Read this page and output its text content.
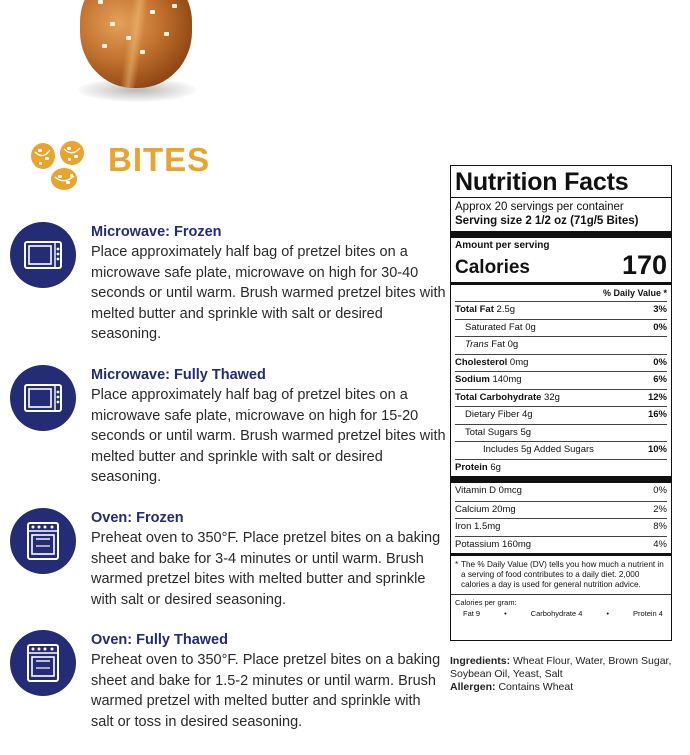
BITES
Microwave: Frozen
Place approximately half bag of pretzel bites on a microwave safe plate, microwave on high for 30-40 seconds or until warm. Brush warmed pretzel bites with melted butter and sprinkle with salt or desired seasoning.
Microwave: Fully Thawed
Place approximately half bag of pretzel bites on a microwave safe plate, microwave on high for 15-20 seconds or until warm. Brush warmed pretzel bites with melted butter and sprinkle with salt or desired seasoning.
Oven: Frozen
Preheat oven to 350°F. Place pretzel bites on a baking sheet and bake for 3-4 minutes or until warm. Brush warmed pretzel bites with melted butter and sprinkle with salt or desired seasoning.
Oven: Fully Thawed
Preheat oven to 350°F. Place pretzel bites on a baking sheet and bake for 1.5-2 minutes or until warm. Brush warmed pretzel with melted butter and sprinkle with salt or toss in desired seasoning.
Nutrition Facts
Approx 20 servings per container
Serving size 2 1/2 oz (71g/5 Bites)
Amount per serving
Calories	170
% Daily Value *
Total Fat 2.5g	3%
Saturated Fat 0g	0%
Trans Fat 0g
Cholesterol 0mg	0%
Sodium 140mg	6%
Total Carbohydrate 32g	12%
Dietary Fiber 4g	16%
Total Sugars 5g
Includes 5g Added Sugars	10%
Protein 6g
Vitamin D 0mcg	0%
Calcium 20mg	2%
Iron 1.5mg	8%
Potassium 160mg	4%
* The % Daily Value (DV) tells you how much a nutrient in a serving of food contributes to a daily diet. 2,000 calories a day is used for general nutrition advice.
Calories per gram:
Fat 9	•	Carbohydrate 4	•	Protein 4
Ingredients: Wheat Flour, Water, Brown Sugar, Soybean Oil, Yeast, Salt
Allergen: Contains Wheat
